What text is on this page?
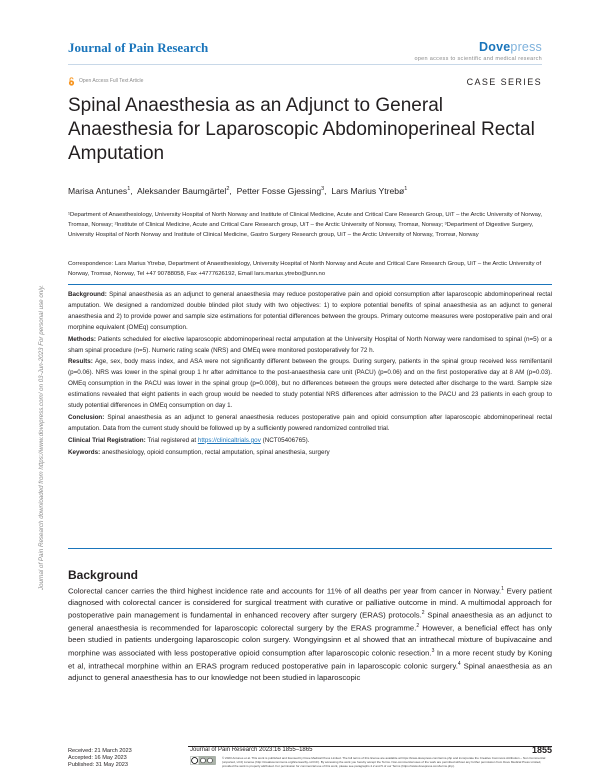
Journal of Pain Research	Dovepress
open access to scientific and medical research
Open Access Full Text Article	CASE SERIES
Spinal Anaesthesia as an Adjunct to General Anaesthesia for Laparoscopic Abdominoperineal Rectal Amputation
Marisa Antunes$^1$,  Aleksander Baumgärtel$^2$,  Petter Fosse Gjessing$^3$,  Lars Marius Ytrebø$^1$
¹Department of Anaesthesiology, University Hospital of North Norway and Institute of Clinical Medicine, Acute and Critical Care Research Group, UiT – the Arctic University of Norway, Tromsø, Norway; ²Institute of Clinical Medicine, Acute and Critical Care Research group, UiT – the Arctic University of Norway, Tromsø, Norway; ³Department of Digestive Surgery, University Hospital of North Norway and Institute of Clinical Medicine, Gastro Surgery Research group, UiT – the Arctic University of Norway, Tromsø, Norway
Correspondence: Lars Marius Ytrebø, Department of Anaesthesiology, University Hospital of North Norway and Acute and Critical Care Research Group, UiT – the Arctic University of Norway, Tromsø, Norway, Tel +47 90788058, Fax +4777626192, Email lars.marius.ytrebo@unn.no

Background: Spinal anaesthesia as an adjunct to general anaesthesia may reduce postoperative pain and opioid consumption after laparoscopic abdominoperineal rectal amputation. We designed a randomized double blinded pilot study with two objectives: 1) to explore potential benefits of spinal anaesthesia as an adjunct to general anaesthesia and 2) to provide power and sample size estimations for potential differences between the groups. Primary outcome measures were postoperative pain and oral morphine equivalent (OMEq) consumption.

Methods: Patients scheduled for elective laparoscopic abdominoperineal rectal amputation at the University Hospital of North Norway were randomised to spinal (n=5) or a sham spinal procedure (n=5). Numeric rating scale (NRS) and OMEq were monitored postoperatively for 72 h.

Results: Age, sex, body mass index, and ASA were not significantly different between the groups. During surgery, patients in the spinal group received less remifentanil (p=0.06). NRS was lower in the spinal group 1 hr after admittance to the post-anaesthesia care unit (PACU) (p=0.06) and on the first postoperative day at 8 AM (p=0.03). OMEq consumption in the PACU was lower in the spinal group (p=0.008), but no differences between the groups were detected after discharge to the ward. Sample size estimations revealed that eight patients in each group would be needed to study potential NRS differences after admission to the PACU and 23 patients in each group to study potential differences in OMEq consumption on day 1.

Conclusion: Spinal anaesthesia as an adjunct to general anaesthesia reduces postoperative pain and opioid consumption after laparoscopic abdominoperineal rectal amputation. Data from the current study should be followed up by a sufficiently powered randomized controlled trial.

Clinical Trial Registration: Trial registered at https://clinicaltrials.gov (NCT05406765).

Keywords: anesthesiology, opioid consumption, rectal amputation, spinal anesthesia, surgery

Journal of Pain Research downloaded from https://www.dovepress.com/ on 03-Jun-2023 For personal use only. Background
Colorectal cancer carries the third highest incidence rate and accounts for 11% of all deaths per year from cancer in Norway.$^1$ Every patient diagnosed with colorectal cancer is considered for surgical treatment with curative or palliative outcome in mind. A multimodal approach for postoperative pain management is fundamental in enhanced recovery after surgery (ERAS) protocols.$^2$ Spinal anaesthesia as an adjunct to general anaesthesia is recommended for laparoscopic colorectal surgery by the ERAS programme.$^2$ However, a beneficial effect has only been studied in patients undergoing laparoscopic colon surgery. Wongyingsinn et al showed that an intrathecal mixture of bupivacaine and morphine was associated with less postoperative opioid consumption after laparoscopic colonic resection.$^3$ In a more recent study by Koning et al, intrathecal morphine within an ERAS program reduced postoperative pain in laparoscopic colonic surgery.$^4$ Spinal anaesthesia as an adjunct to general anaesthesia has to our knowledge not been studied in laparoscopic
Received: 21 March 2023
Accepted: 16 May 2023
Published: 31 May 2023
Journal of Pain Research 2023:16 1855–1865	1855
© 2023 Antunes et al. This work is published and licensed by Dove Medical Press Limited. The full terms of this license are available at https://www.dovepress.com/terms.php and incorporate the Creative Commons Attribution – Non Commercial (unported, v3.0) License (http://creativecommons.org/licenses/by-nc/3.0/). By accessing the work you hereby accept the Terms. Non-commercial uses of the work are permitted without any further permission from Dove Medical Press Limited, provided the work is properly attributed. For permission for commercial use of this work, please see paragraphs 4.2 and 5 of our Terms (https://www.dovepress.com/terms.php).
